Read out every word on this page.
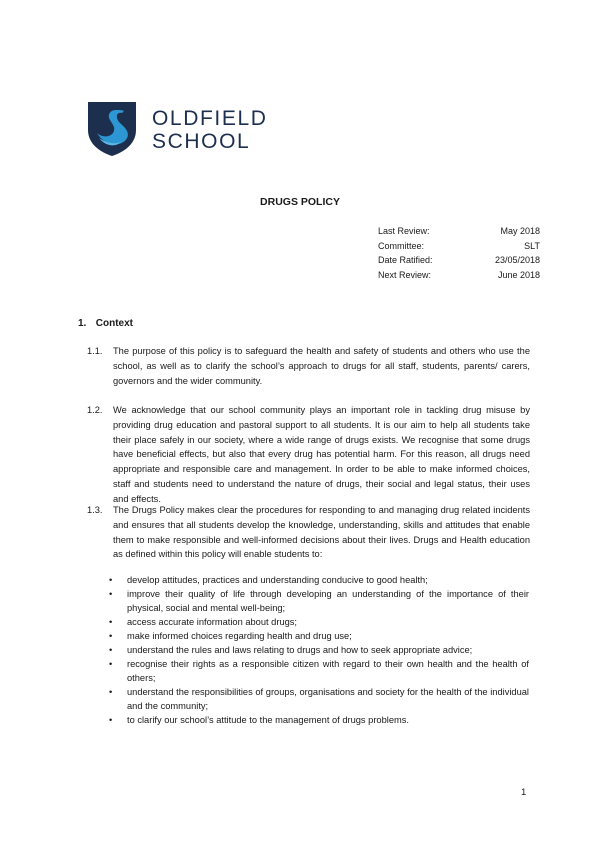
OLDFIELD
SCHOOL
DRUGS POLICY
Last Review:	May 2018
Committee:	SLT
Date Ratified:	23/05/2018
Next Review:	June 2018
1. Context
1.1. The purpose of this policy is to safeguard the health and safety of students and others who use the school, as well as to clarify the school’s approach to drugs for all staff, students, parents/ carers, governors and the wider community.
1.2. We acknowledge that our school community plays an important role in tackling drug misuse by providing drug education and pastoral support to all students. It is our aim to help all students take their place safely in our society, where a wide range of drugs exists. We recognise that some drugs have beneficial effects, but also that every drug has potential harm. For this reason, all drugs need appropriate and responsible care and management. In order to be able to make informed choices, staff and students need to understand the nature of drugs, their social and legal status, their uses and effects.
1.3. The Drugs Policy makes clear the procedures for responding to and managing drug related incidents and ensures that all students develop the knowledge, understanding, skills and attitudes that enable them to make responsible and well-informed decisions about their lives. Drugs and Health education as defined within this policy will enable students to:
• develop attitudes, practices and understanding conducive to good health;
• improve their quality of life through developing an understanding of the importance of their physical, social and mental well-being;
• access accurate information about drugs;
• make informed choices regarding health and drug use;
• understand the rules and laws relating to drugs and how to seek appropriate advice;
• recognise their rights as a responsible citizen with regard to their own health and the health of others;
• understand the responsibilities of groups, organisations and society for the health of the individual and the community;
• to clarify our school’s attitude to the management of drugs problems.
1
